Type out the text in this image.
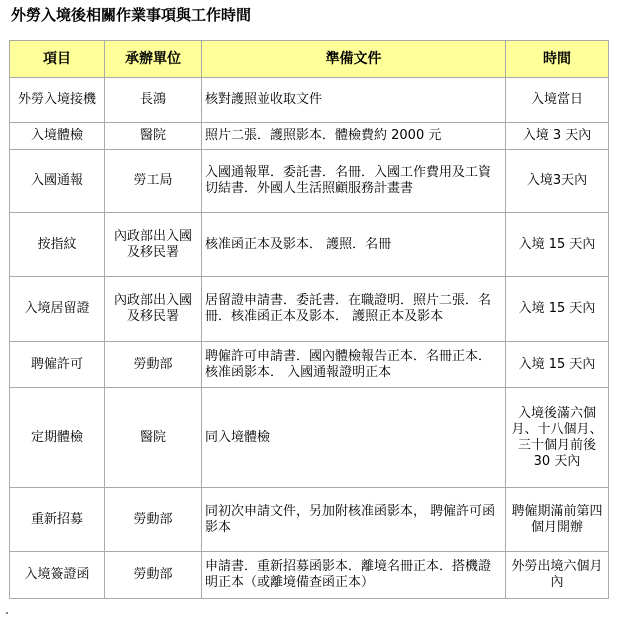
外勞入境後相關作業事項與工作時間
項目	承辦單位	準備文件	時間
外勞入境接機	長鴻	核對護照並收取文件	入境當日
入境體檢	醫院	照片二張．護照影本．體檢費約 2000 元	入境 3 天內
入國通報	勞工局	入國通報單．委託書．名冊．入國工作費用及工資切結書．外國人生活照顧服務計畫書	入境3天內
按指紋	內政部出入國及移民署	核准函正本及影本． 護照．名冊	入境 15 天內
入境居留證	內政部出入國及移民署	居留證申請書．委託書．在職證明．照片二張．名冊．核准函正本及影本． 護照正本及影本	入境 15 天內
聘僱許可	勞動部	聘僱許可申請書．國內體檢報告正本．名冊正本． 核准函影本． 入國通報證明正本	入境 15 天內
定期體檢	醫院	同入境體檢	入境後滿六個月、十八個月、三十個月前後 30 天內
重新招募	勞動部	同初次申請文件，另加附核准函影本， 聘僱許可函影本	聘僱期滿前第四個月開辦
入境簽證函	勞動部	申請書．重新招募函影本．離境名冊正本．搭機證明正本（或離境備查函正本）	外勞出境六個月內
